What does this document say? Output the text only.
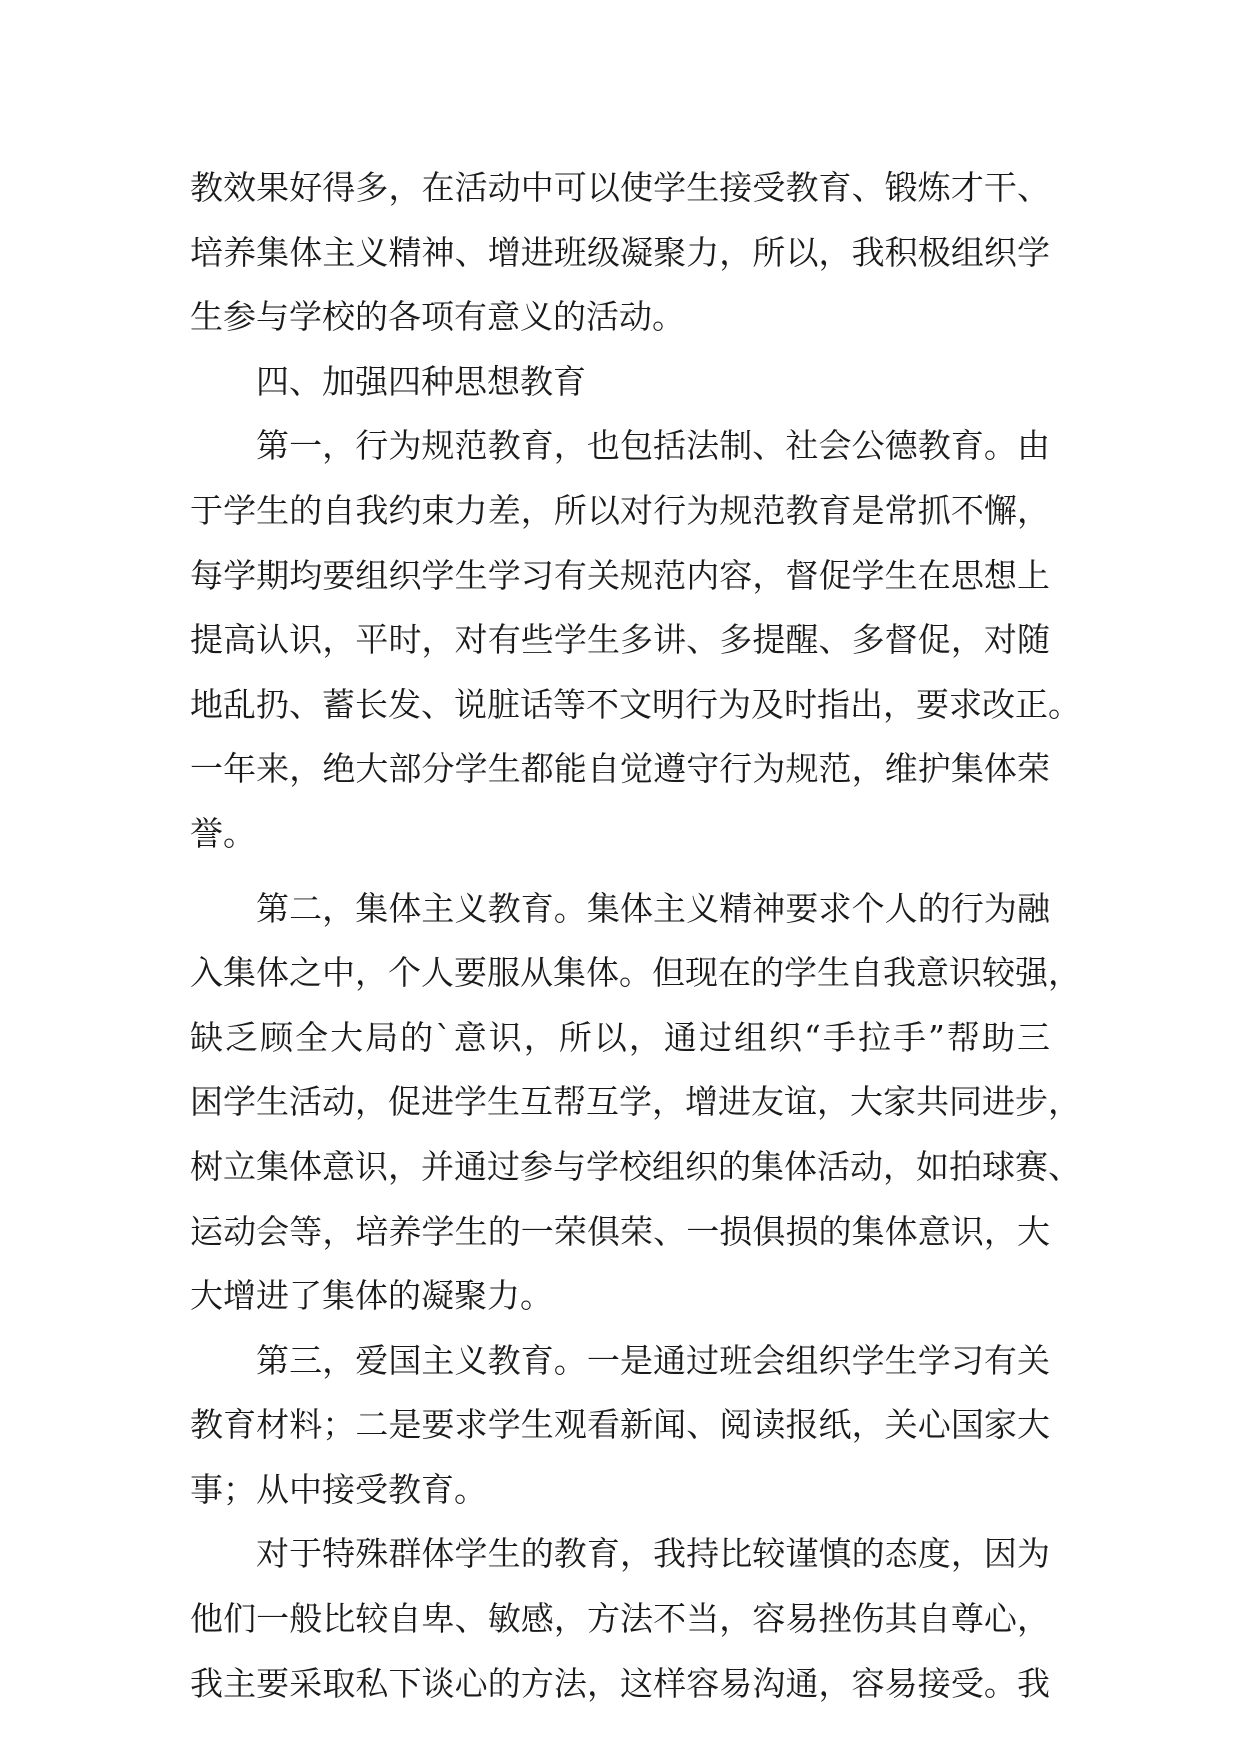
教效果好得多，在活动中可以使学生接受教育、锻炼才干、
培养集体主义精神、增进班级凝聚力，所以，我积极组织学
生参与学校的各项有意义的活动。
四、加强四种思想教育
第一，行为规范教育，也包括法制、社会公德教育。由
于学生的自我约束力差，所以对行为规范教育是常抓不懈，
每学期均要组织学生学习有关规范内容，督促学生在思想上
提高认识，平时，对有些学生多讲、多提醒、多督促，对随
地乱扔、蓄长发、说脏话等不文明行为及时指出，要求改正。
一年来，绝大部分学生都能自觉遵守行为规范，维护集体荣
誉。
第二，集体主义教育。集体主义精神要求个人的行为融
入集体之中，个人要服从集体。但现在的学生自我意识较强，
缺乏顾全大局的`意识，所以，通过组织“手拉手”帮助三
困学生活动，促进学生互帮互学，增进友谊，大家共同进步，
树立集体意识，并通过参与学校组织的集体活动，如拍球赛、
运动会等，培养学生的一荣俱荣、一损俱损的集体意识，大
大增进了集体的凝聚力。
第三，爱国主义教育。一是通过班会组织学生学习有关
教育材料；二是要求学生观看新闻、阅读报纸，关心国家大
事；从中接受教育。
对于特殊群体学生的教育，我持比较谨慎的态度，因为
他们一般比较自卑、敏感，方法不当，容易挫伤其自尊心，
我主要采取私下谈心的方法，这样容易沟通，容易接受。我
